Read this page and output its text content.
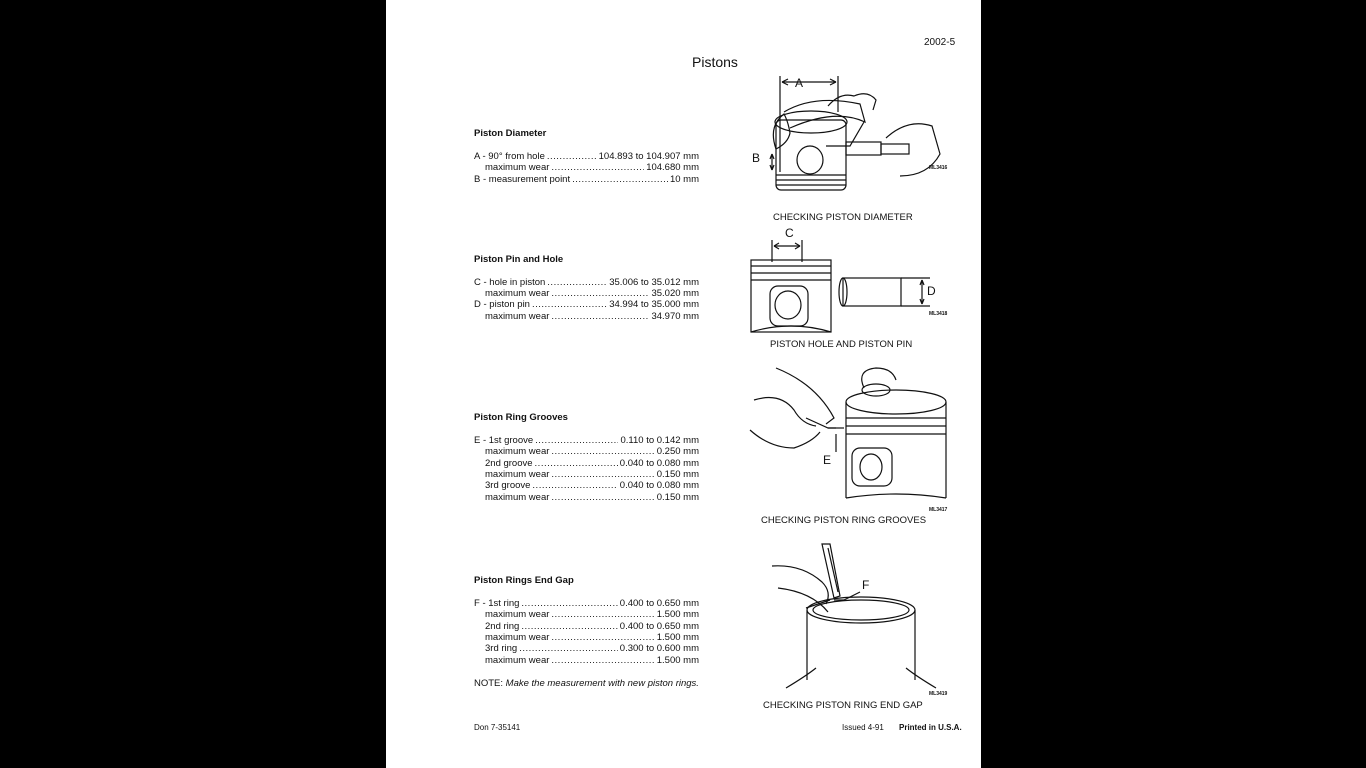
2002-5
Pistons
Piston Diameter
A - 90° from hole .....	104.893 to 104.907 mm
maximum wear .....	104.680 mm
B - measurement point .....	10 mm
Piston Pin and Hole
C - hole in piston .....	35.006 to 35.012 mm
maximum wear .....	35.020 mm
D - piston pin .....	34.994 to 35.000 mm
maximum wear .....	34.970 mm
Piston Ring Grooves
E - 1st groove .....	0.110 to 0.142 mm
maximum wear .....	0.250 mm
2nd groove .....	0.040 to 0.080 mm
maximum wear .....	0.150 mm
3rd groove .....	0.040 to 0.080 mm
maximum wear .....	0.150 mm
Piston Rings End Gap
F - 1st ring .....	0.400 to 0.650 mm
maximum wear .....	1.500 mm
2nd ring .....	0.400 to 0.650 mm
maximum wear .....	1.500 mm
3rd ring .....	0.300 to 0.600 mm
maximum wear .....	1.500 mm
NOTE: Make the measurement with new piston rings.
A
B
ML3416
CHECKING PISTON DIAMETER
C
D
ML3418
PISTON HOLE AND PISTON PIN
E
ML3417
CHECKING PISTON RING GROOVES
F
ML3419
CHECKING PISTON RING END GAP
Don 7-35141	Issued 4-91 Printed in U.S.A.
